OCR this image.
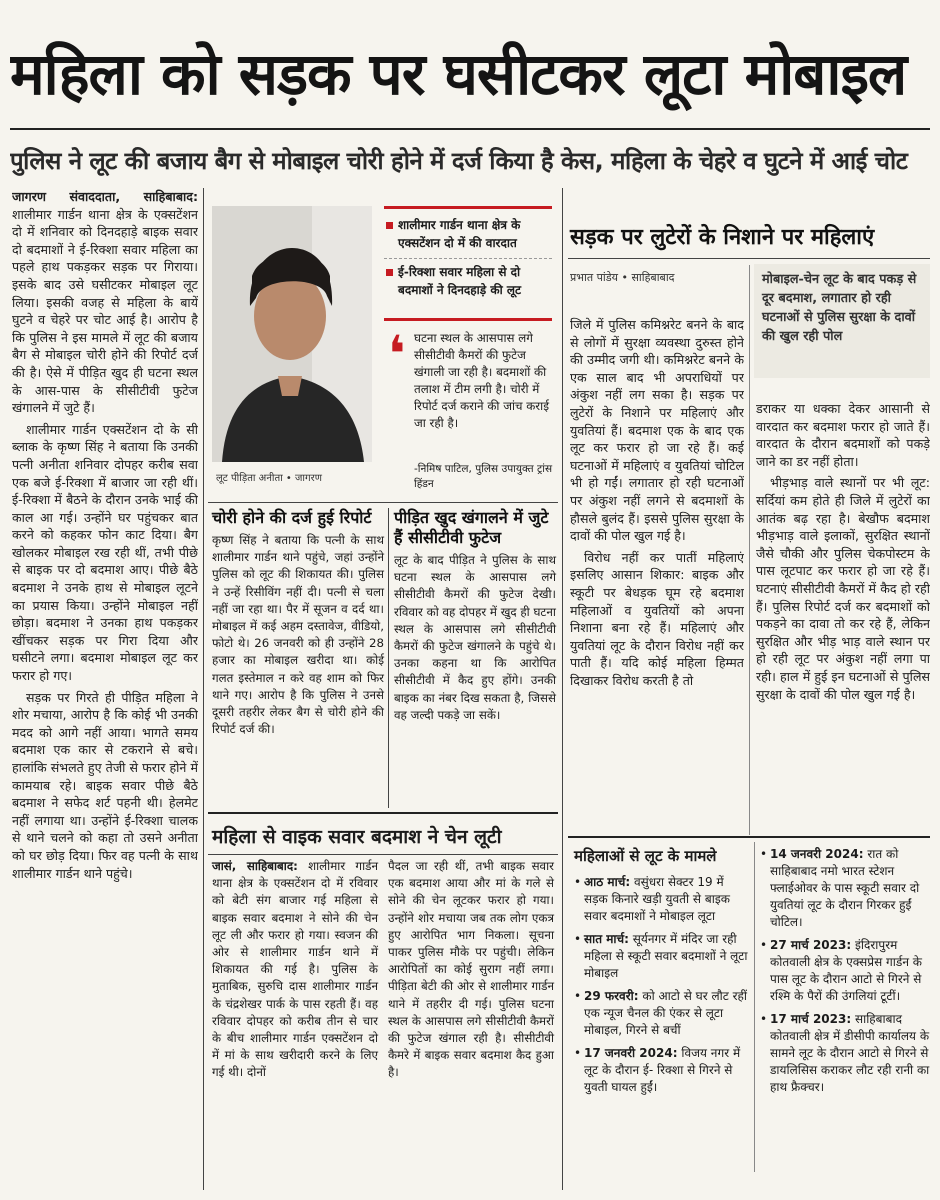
महिला को सड़क पर घसीटकर लूटा मोबाइल
पुलिस ने लूट की बजाय बैग से मोबाइल चोरी होने में दर्ज किया है केस, महिला के चेहरे व घुटने में आई चोट

जागरण संवाददाता, साहिबाबाद: शालीमार गार्डन थाना क्षेत्र के एक्सटेंशन दो में शनिवार को दिनदहाड़े बाइक सवार दो बदमाशों ने ई-रिक्शा सवार महिला का पहले हाथ पकड़कर सड़क पर गिराया। इसके बाद उसे घसीटकर मोबाइल लूट लिया। इसकी वजह से महिला के बायें घुटने व चेहरे पर चोट आई है। आरोप है कि पुलिस ने इस मामले में लूट की बजाय बैग से मोबाइल चोरी होने की रिपोर्ट दर्ज की है। ऐसे में पीड़ित खुद ही घटना स्थल के आस-पास के सीसीटीवी फुटेज खंगालने में जुटे हैं।

शालीमार गार्डन एक्सटेंशन दो के सी ब्लाक के कृष्ण सिंह ने बताया कि उनकी पत्नी अनीता शनिवार दोपहर करीब सवा एक बजे ई-रिक्शा में बाजार जा रही थीं। ई-रिक्शा में बैठने के दौरान उनके भाई की काल आ गई। उन्होंने घर पहुंचकर बात करने को कहकर फोन काट दिया। बैग खोलकर मोबाइल रख रही थीं, तभी पीछे से बाइक पर दो बदमाश आए। पीछे बैठे बदमाश ने उनके हाथ से मोबाइल लूटने का प्रयास किया। उन्होंने मोबाइल नहीं छोड़ा। बदमाश ने उनका हाथ पकड़कर खींचकर सड़क पर गिरा दिया और घसीटने लगा। बदमाश मोबाइल लूट कर फरार हो गए।

सड़क पर गिरते ही पीड़ित महिला ने शोर मचाया, आरोप है कि कोई भी उनकी मदद को आगे नहीं आया। भागते समय बदमाश एक कार से टकराने से बचे। हालांकि संभलते हुए तेजी से फरार होने में कामयाब रहे। बाइक सवार पीछे बैठे बदमाश ने सफेद शर्ट पहनी थी। हेलमेट नहीं लगाया था। उन्होंने ई-रिक्शा चालक से थाने चलने को कहा तो उसने अनीता को घर छोड़ दिया। फिर वह पत्नी के साथ शालीमार गार्डन थाने पहुंचे।

लूट पीड़िता अनीता • जागरण
शालीमार गार्डन थाना क्षेत्र के एक्सटेंशन दो में की वारदात
ई-रिक्शा सवार महिला से दो बदमाशों ने दिनदहाड़े की लूट
❛ घटना स्थल के आसपास लगे सीसीटीवी कैमरों की फुटेज खंगाली जा रही है। बदमाशों की तलाश में टीम लगी है। चोरी में रिपोर्ट दर्ज कराने की जांच कराई जा रही है।
-निमिष पाटिल, पुलिस उपायुक्त ट्रांस हिंडन
चोरी होने की दर्ज हुई रिपोर्ट
कृष्ण सिंह ने बताया कि पत्नी के साथ शालीमार गार्डन थाने पहुंचे, जहां उन्होंने पुलिस को लूट की शिकायत की। पुलिस ने उन्हें रिसीविंग नहीं दी। पत्नी से चला नहीं जा रहा था। पैर में सूजन व दर्द था। मोबाइल में कई अहम दस्तावेज, वीडियो, फोटो थे। 26 जनवरी को ही उन्होंने 28 हजार का मोबाइल खरीदा था। कोई गलत इस्तेमाल न करे वह शाम को फिर थाने गए। आरोप है कि पुलिस ने उनसे दूसरी तहरीर लेकर बैग से चोरी होने की रिपोर्ट दर्ज की।
पीड़ित खुद खंगालने में जुटे हैं सीसीटीवी फुटेज
लूट के बाद पीड़ित ने पुलिस के साथ घटना स्थल के आसपास लगे सीसीटीवी कैमरों की फुटेज देखी। रविवार को वह दोपहर में खुद ही घटना स्थल के आसपास लगे सीसीटीवी कैमरों की फुटेज खंगालने के पहुंचे थे। उनका कहना था कि आरोपित सीसीटीवी में कैद हुए होंगे। उनकी बाइक का नंबर दिख सकता है, जिससे वह जल्दी पकड़े जा सकें।
महिला से वाइक सवार बदमाश ने चेन लूटी
जासं, साहिबाबाद: शालीमार गार्डन थाना क्षेत्र के एक्सटेंशन दो में रविवार को बेटी संग बाजार गई महिला से बाइक सवार बदमाश ने सोने की चेन लूट ली और फरार हो गया। स्वजन की ओर से शालीमार गार्डन थाने में शिकायत की गई है। पुलिस के मुताबिक, सुरुचि दास शालीमार गार्डन के चंद्रशेखर पार्क के पास रहती हैं। वह रविवार दोपहर को करीब तीन से चार के बीच शालीमार गार्डन एक्सटेंशन दो में मां के साथ खरीदारी करने के लिए गई थी। दोनों
पैदल जा रही थीं, तभी बाइक सवार एक बदमाश आया और मां के गले से सोने की चेन लूटकर फरार हो गया। उन्होंने शोर मचाया जब तक लोग एकत्र हुए आरोपित भाग निकला। सूचना पाकर पुलिस मौके पर पहुंची। लेकिन आरोपितों का कोई सुराग नहीं लगा। पीड़िता बेटी की ओर से शालीमार गार्डन थाने में तहरीर दी गई। पुलिस घटना स्थल के आसपास लगे सीसीटीवी कैमरों की फुटेज खंगाल रही है। सीसीटीवी कैमरे में बाइक सवार बदमाश कैद हुआ है।
सड़क पर लुटेरों के निशाने पर महिलाएं
प्रभात पांडेय • साहिबाबाद

जिले में पुलिस कमिश्नरेट बनने के बाद से लोगों में सुरक्षा व्यवस्था दुरुस्त होने की उम्मीद जगी थी। कमिश्नरेट बनने के एक साल बाद भी अपराधियों पर अंकुश नहीं लग सका है। सड़क पर लुटेरों के निशाने पर महिलाएं और युवतियां हैं। बदमाश एक के बाद एक लूट कर फरार हो जा रहे हैं। कई घटनाओं में महिलाएं व युवतियां चोटिल भी हो गईं। लगातार हो रही घटनाओं पर अंकुश नहीं लगने से बदमाशों के हौसले बुलंद हैं। इससे पुलिस सुरक्षा के दावों की पोल खुल गई है।

विरोध नहीं कर पातीं महिलाएं इसलिए आसान शिकार: बाइक और स्कूटी पर बेधड़क घूम रहे बदमाश महिलाओं व युवतियों को अपना निशाना बना रहे हैं। महिलाएं और युवतियां लूट के दौरान विरोध नहीं कर पाती हैं। यदि कोई महिला हिम्मत दिखाकर विरोध करती है तो

मोबाइल-चेन लूट के बाद पकड़ से दूर बदमाश, लगातार हो रही घटनाओं से पुलिस सुरक्षा के दावों की खुल रही पोल

डराकर या धक्का देकर आसानी से वारदात कर बदमाश फरार हो जाते हैं। वारदात के दौरान बदमाशों को पकड़े जाने का डर नहीं होता।

भीड़भाड़ वाले स्थानों पर भी लूट: सर्दियां कम होते ही जिले में लुटेरों का आतंक बढ़ रहा है। बेखौफ बदमाश भीड़भाड़ वाले इलाकों, सुरक्षित स्थानों जैसे चौकी और पुलिस चेकपोस्टम के पास लूटपाट कर फरार हो जा रहे हैं। घटनाएं सीसीटीवी कैमरों में कैद हो रही हैं। पुलिस रिपोर्ट दर्ज कर बदमाशों को पकड़ने का दावा तो कर रहे हैं, लेकिन सुरक्षित और भीड़ भाड़ वाले स्थान पर हो रही लूट पर अंकुश नहीं लगा पा रही। हाल में हुई इन घटनाओं से पुलिस सुरक्षा के दावों की पोल खुल गई है।

महिलाओं से लूट के मामले
• आठ मार्च: वसुंधरा सेक्टर 19 में सड़क किनारे खड़ी युवती से बाइक सवार बदमाशों ने मोबाइल लूटा
• सात मार्च: सूर्यनगर में मंदिर जा रही महिला से स्कूटी सवार बदमाशों ने लूटा मोबाइल
• 29 फरवरी: को आटो से घर लौट रहीं एक न्यूज चैनल की एंकर से लूटा मोबाइल, गिरने से बचीं
• 17 जनवरी 2024: विजय नगर में लूट के दौरान ई- रिक्शा से गिरने से युवती घायल हुईं।
• 14 जनवरी 2024: रात को साहिबाबाद नमो भारत स्टेशन फ्लाईओवर के पास स्कूटी सवार दो युवतियां लूट के दौरान गिरकर हुईं चोटिल।
• 27 मार्च 2023: इंदिरापुरम कोतवाली क्षेत्र के एक्सप्रेस गार्डन के पास लूट के दौरान आटो से गिरने से रश्मि के पैरों की उंगलियां टूटीं।
• 17 मार्च 2023: साहिबाबाद कोतवाली क्षेत्र में डीसीपी कार्यालय के सामने लूट के दौरान आटो से गिरने से डायलिसिस कराकर लौट रही रानी का हाथ फ्रैक्चर।
